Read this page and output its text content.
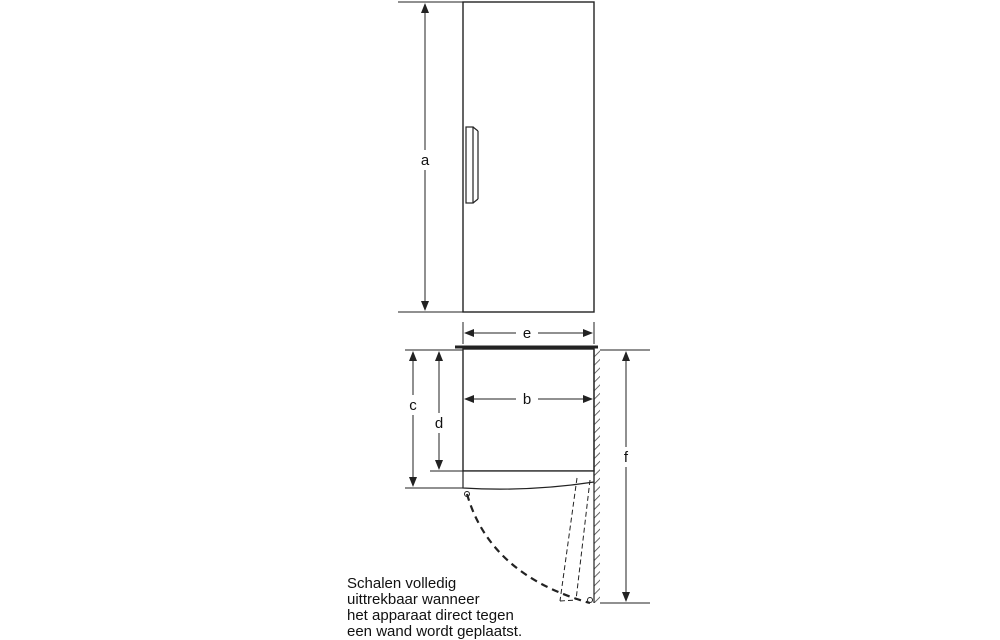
a
e
b
c
d
f
Schalen volledig
uittrekbaar wanneer
het apparaat direct tegen
een wand wordt geplaatst.
